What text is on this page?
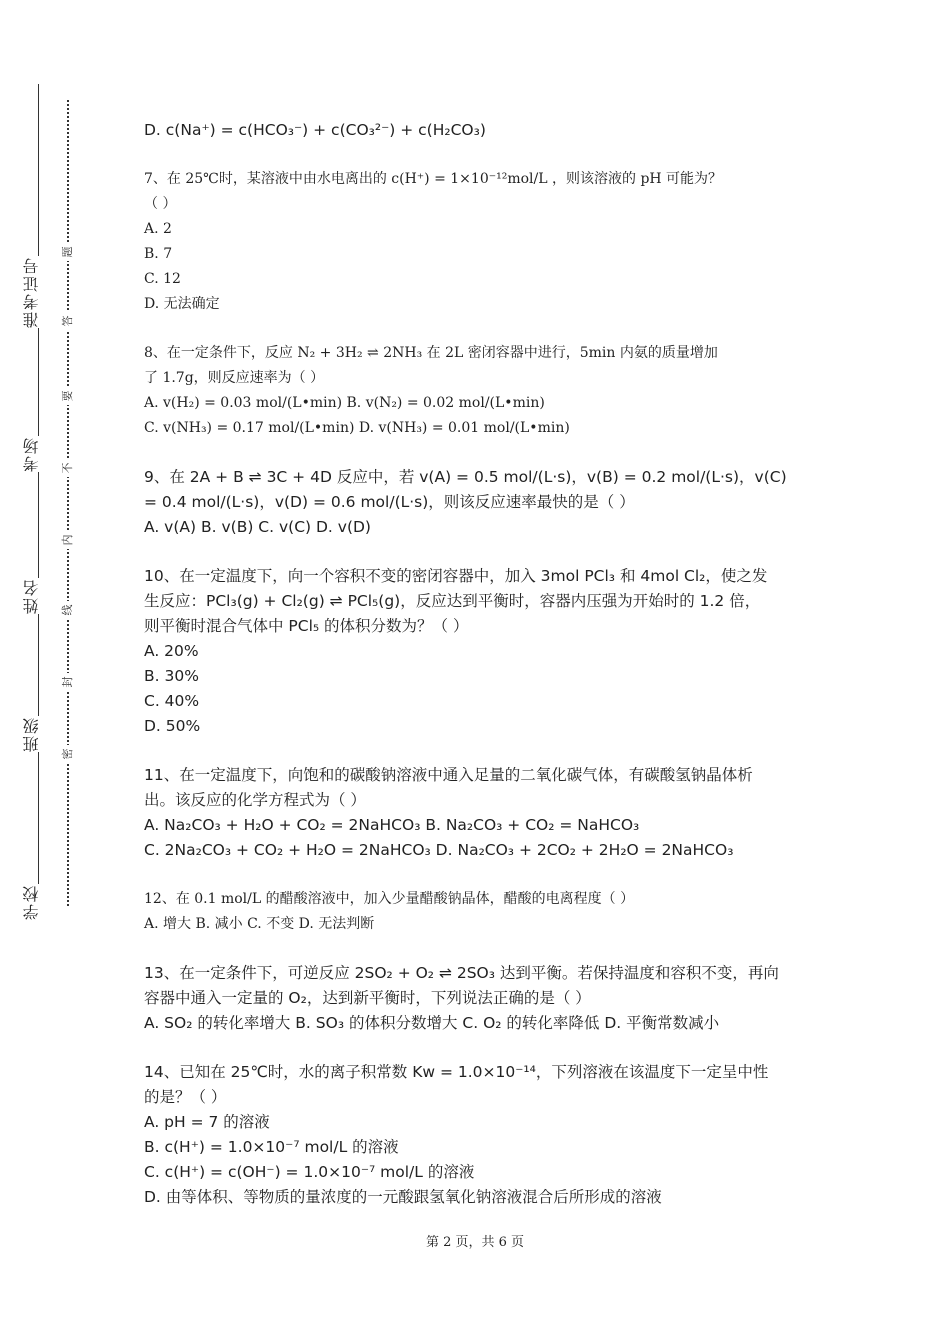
准考证号
考场
姓名
班级
学校
题
答
要
不
内
线
封
密
D. c(Na⁺) = c(HCO₃⁻) + c(CO₃²⁻) + c(H₂CO₃)
7、在 25℃时，某溶液中由水电离出的 c(H⁺) = 1×10⁻¹²mol/L ，则该溶液的 pH 可能为？
（ ）
A. 2
B. 7
C. 12
D. 无法确定
8、在一定条件下，反应 N₂ + 3H₂ ⇌ 2NH₃ 在 2L 密闭容器中进行，5min 内氨的质量增加
了 1.7g，则反应速率为（ ）
A. v(H₂) = 0.03 mol/(L•min) B. v(N₂) = 0.02 mol/(L•min)
C. v(NH₃) = 0.17 mol/(L•min) D. v(NH₃) = 0.01 mol/(L•min)
9、在 2A + B ⇌ 3C + 4D 反应中，若 v(A) = 0.5 mol/(L·s)，v(B) = 0.2 mol/(L·s)，v(C)
= 0.4 mol/(L·s)，v(D) = 0.6 mol/(L·s)，则该反应速率最快的是（ ）
A. v(A) B. v(B) C. v(C) D. v(D)
10、在一定温度下，向一个容积不变的密闭容器中，加入 3mol PCl₃ 和 4mol Cl₂，使之发
生反应：PCl₃(g) + Cl₂(g) ⇌ PCl₅(g)，反应达到平衡时，容器内压强为开始时的 1.2 倍，
则平衡时混合气体中 PCl₅ 的体积分数为？（ ）
A. 20%
B. 30%
C. 40%
D. 50%
11、在一定温度下，向饱和的碳酸钠溶液中通入足量的二氧化碳气体，有碳酸氢钠晶体析
出。该反应的化学方程式为（ ）
A. Na₂CO₃ + H₂O + CO₂ = 2NaHCO₃ B. Na₂CO₃ + CO₂ = NaHCO₃
C. 2Na₂CO₃ + CO₂ + H₂O = 2NaHCO₃ D. Na₂CO₃ + 2CO₂ + 2H₂O = 2NaHCO₃
12、在 0.1 mol/L 的醋酸溶液中，加入少量醋酸钠晶体，醋酸的电离程度（ ）
A. 增大 B. 减小 C. 不变 D. 无法判断
13、在一定条件下，可逆反应 2SO₂ + O₂ ⇌ 2SO₃ 达到平衡。若保持温度和容积不变，再向
容器中通入一定量的 O₂，达到新平衡时，下列说法正确的是（ ）
A. SO₂ 的转化率增大 B. SO₃ 的体积分数增大 C. O₂ 的转化率降低 D. 平衡常数减小
14、已知在 25℃时，水的离子积常数 Kw = 1.0×10⁻¹⁴，下列溶液在该温度下一定呈中性
的是？（ ）
A. pH = 7 的溶液
B. c(H⁺) = 1.0×10⁻⁷ mol/L 的溶液
C. c(H⁺) = c(OH⁻) = 1.0×10⁻⁷ mol/L 的溶液
D. 由等体积、等物质的量浓度的一元酸跟氢氧化钠溶液混合后所形成的溶液
第 2 页，共 6 页
